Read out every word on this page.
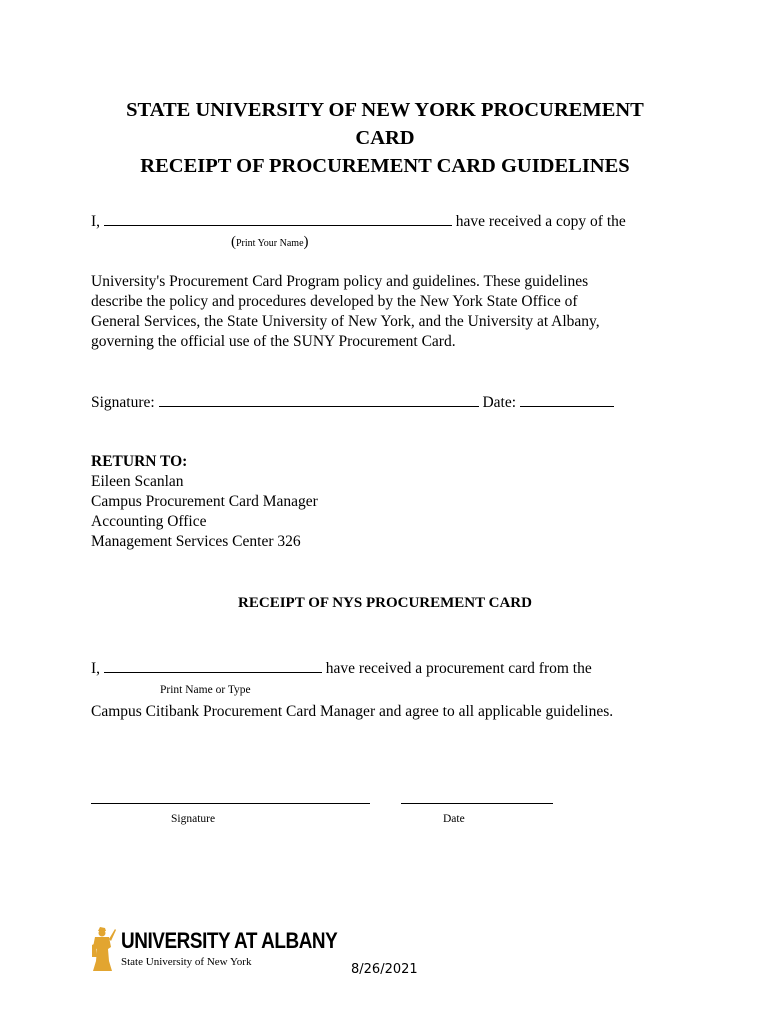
STATE UNIVERSITY OF NEW YORK PROCUREMENT
CARD
RECEIPT OF PROCUREMENT CARD GUIDELINES
I,	have received a copy of the
(Print Your Name)
University's Procurement Card Program policy and guidelines. These guidelines
describe the policy and procedures developed by the New York State Office of
General Services, the State University of New York, and the University at Albany,
governing the official use of the SUNY Procurement Card.
Signature:	Date:
RETURN TO:
Eileen Scanlan
Campus Procurement Card Manager
Accounting Office
Management Services Center 326
RECEIPT OF NYS PROCUREMENT CARD
I,	have received a procurement card from the
Print Name or Type
Campus Citibank Procurement Card Manager and agree to all applicable guidelines.
Signature	Date
UNIVERSITY AT ALBANY
State University of New York	8/26/2021
